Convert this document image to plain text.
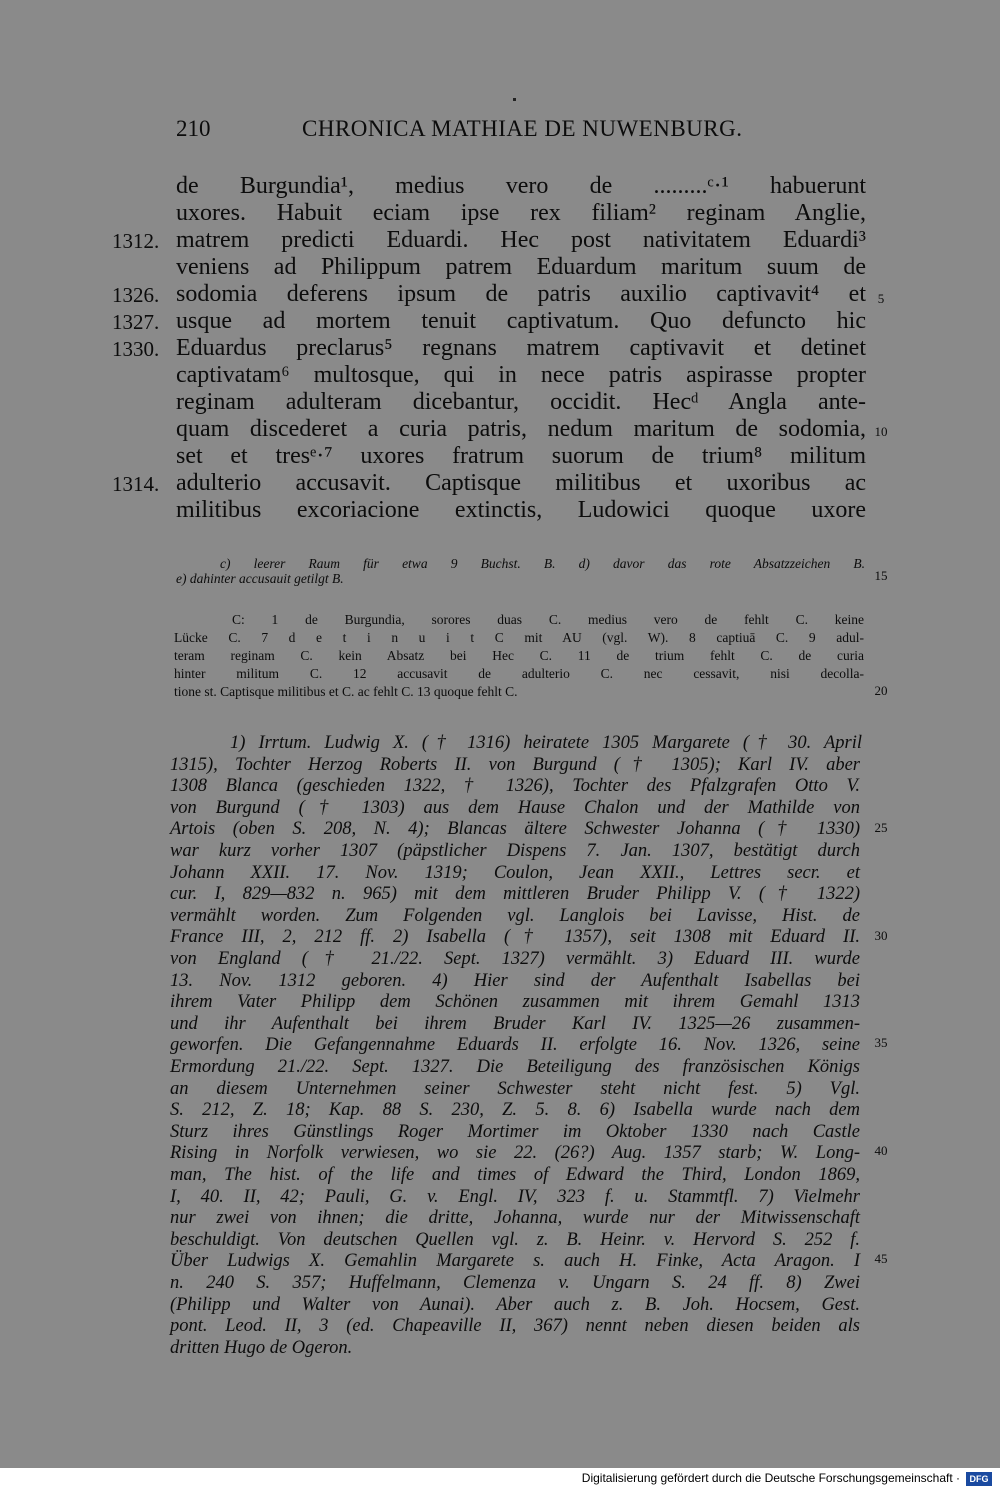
210	CHRONICA MATHIAE DE NUWENBURG.
de Burgundia¹, medius vero de .........ᶜ·¹ habuerunt
uxores. Habuit eciam ipse rex filiam² reginam Anglie,
matrem predicti Eduardi. Hec post nativitatem Eduardi³
veniens ad Philippum patrem Eduardum maritum suum de
sodomia deferens ipsum de patris auxilio captivavit⁴ et
usque ad mortem tenuit captivatum. Quo defuncto hic
Eduardus preclarus⁵ regnans matrem captivavit et detinet
captivatam⁶ multosque, qui in nece patris aspirasse propter
reginam adulteram dicebantur, occidit. Hecᵈ Angla ante-
quam discederet a curia patris, nedum maritum de sodomia,
set et tresᵉ·⁷ uxores fratrum suorum de trium⁸ militum
adulterio accusavit. Captisque militibus et uxoribus ac
militibus excoriacione extinctis, Ludowici quoque uxore
1312.
1326.
1327.
1330.
1314.
5
10
15
20
25
30
35
40
45
c) leerer Raum für etwa 9 Buchst. B. d) davor das rote Absatzzeichen B.
e) dahinter accusauit getilgt B.
C: 1 de Burgundia, sorores duas C. medius vero de fehlt C. keine
Lücke C. 7 d e t i n u i t C mit AU (vgl. W). 8 captiuā C. 9 adul-
teram reginam C. kein Absatz bei Hec C. 11 de trium fehlt C. de curia
hinter militum C. 12 accusavit de adulterio C. nec cessavit, nisi decolla-
tione st. Captisque militibus et C. ac fehlt C. 13 quoque fehlt C.
1) Irrtum. Ludwig X. († 1316) heiratete 1305 Margarete († 30. April
1315), Tochter Herzog Roberts II. von Burgund († 1305); Karl IV. aber
1308 Blanca (geschieden 1322, † 1326), Tochter des Pfalzgrafen Otto V.
von Burgund († 1303) aus dem Hause Chalon und der Mathilde von
Artois (oben S. 208, N. 4); Blancas ältere Schwester Johanna († 1330)
war kurz vorher 1307 (päpstlicher Dispens 7. Jan. 1307, bestätigt durch
Johann XXII. 17. Nov. 1319; Coulon, Jean XXII., Lettres secr. et
cur. I, 829—832 n. 965) mit dem mittleren Bruder Philipp V. († 1322)
vermählt worden. Zum Folgenden vgl. Langlois bei Lavisse, Hist. de
France III, 2, 212 ff. 2) Isabella († 1357), seit 1308 mit Eduard II.
von England († 21./22. Sept. 1327) vermählt. 3) Eduard III. wurde
13. Nov. 1312 geboren. 4) Hier sind der Aufenthalt Isabellas bei
ihrem Vater Philipp dem Schönen zusammen mit ihrem Gemahl 1313
und ihr Aufenthalt bei ihrem Bruder Karl IV. 1325—26 zusammen-
geworfen. Die Gefangennahme Eduards II. erfolgte 16. Nov. 1326, seine
Ermordung 21./22. Sept. 1327. Die Beteiligung des französischen Königs
an diesem Unternehmen seiner Schwester steht nicht fest. 5) Vgl.
S. 212, Z. 18; Kap. 88 S. 230, Z. 5. 8. 6) Isabella wurde nach dem
Sturz ihres Günstlings Roger Mortimer im Oktober 1330 nach Castle
Rising in Norfolk verwiesen, wo sie 22. (26?) Aug. 1357 starb; W. Long-
man, The hist. of the life and times of Edward the Third, London 1869,
I, 40. II, 42; Pauli, G. v. Engl. IV, 323 f. u. Stammtfl. 7) Vielmehr
nur zwei von ihnen; die dritte, Johanna, wurde nur der Mitwissenschaft
beschuldigt. Von deutschen Quellen vgl. z. B. Heinr. v. Hervord S. 252 f.
Über Ludwigs X. Gemahlin Margarete s. auch H. Finke, Acta Aragon. I
n. 240 S. 357; Huffelmann, Clemenza v. Ungarn S. 24 ff. 8) Zwei
(Philipp und Walter von Aunai). Aber auch z. B. Joh. Hocsem, Gest.
pont. Leod. II, 3 (ed. Chapeaville II, 367) nennt neben diesen beiden als
dritten Hugo de Ogeron.
Digitalisierung gefördert durch die Deutsche Forschungsgemeinschaft ·	DFG
